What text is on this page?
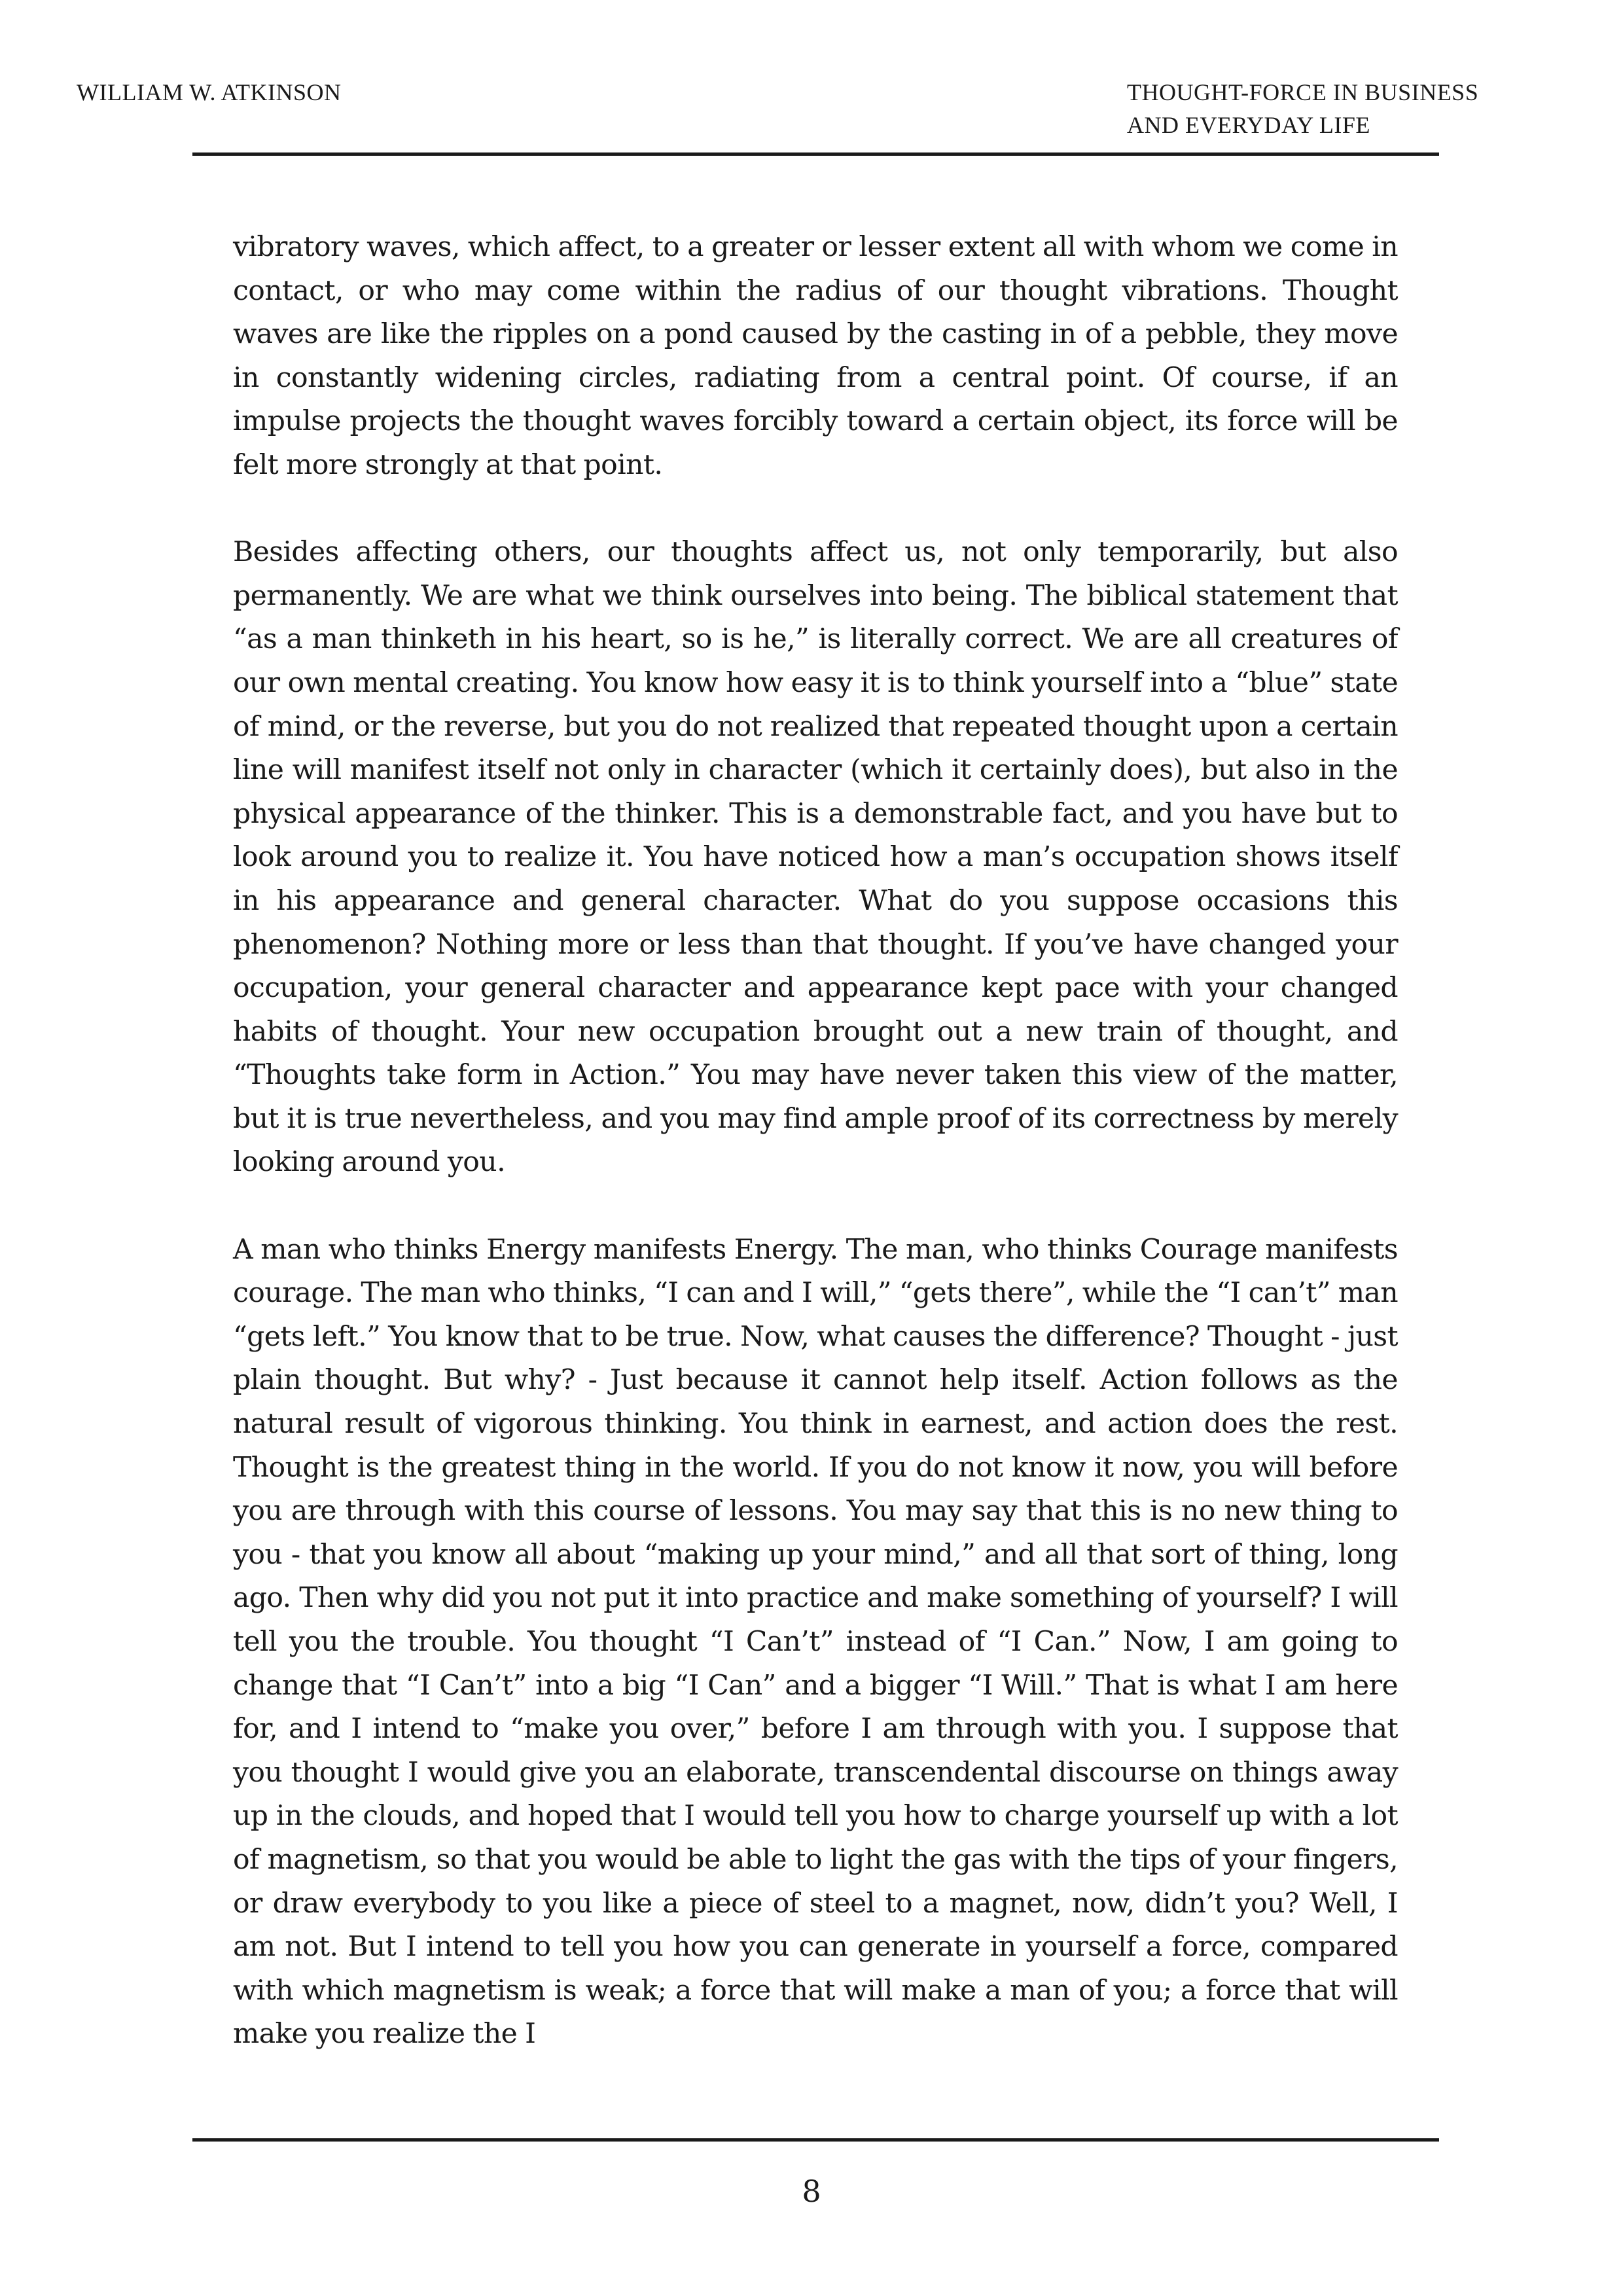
WILLIAM W. ATKINSON	THOUGHT-FORCE IN BUSINESS
AND EVERYDAY LIFE

vibratory waves, which affect, to a greater or lesser extent all with whom we come in contact, or who may come within the radius of our thought vibrations. Thought waves are like the ripples on a pond caused by the casting in of a pebble, they move in constantly widening circles, radiating from a central point. Of course, if an impulse projects the thought waves forcibly toward a certain object, its force will be felt more strongly at that point.

Besides affecting others, our thoughts affect us, not only temporarily, but also permanently. We are what we think ourselves into being. The biblical statement that “as a man thinketh in his heart, so is he,” is literally correct. We are all creatures of our own mental creating. You know how easy it is to think yourself into a “blue” state of mind, or the reverse, but you do not realized that repeated thought upon a certain line will manifest itself not only in character (which it certainly does), but also in the physical appearance of the thinker. This is a demonstrable fact, and you have but to look around you to realize it. You have noticed how a man’s occupation shows itself in his appearance and general character. What do you suppose occasions this phenomenon? Nothing more or less than that thought. If you’ve have changed your occupation, your general character and appearance kept pace with your changed habits of thought. Your new occupation brought out a new train of thought, and “Thoughts take form in Action.” You may have never taken this view of the matter, but it is true nevertheless, and you may find ample proof of its correctness by merely looking around you.

A man who thinks Energy manifests Energy. The man, who thinks Courage manifests courage. The man who thinks, “I can and I will,” “gets there”, while the “I can’t” man “gets left.” You know that to be true. Now, what causes the difference? Thought - just plain thought. But why? - Just because it cannot help itself. Action follows as the natural result of vigorous thinking. You think in earnest, and action does the rest. Thought is the greatest thing in the world. If you do not know it now, you will before you are through with this course of lessons. You may say that this is no new thing to you - that you know all about “making up your mind,” and all that sort of thing, long ago. Then why did you not put it into practice and make something of yourself? I will tell you the trouble. You thought “I Can’t” instead of “I Can.” Now, I am going to change that “I Can’t” into a big “I Can” and a bigger “I Will.” That is what I am here for, and I intend to “make you over,” before I am through with you. I suppose that you thought I would give you an elaborate, transcendental discourse on things away up in the clouds, and hoped that I would tell you how to charge yourself up with a lot of magnetism, so that you would be able to light the gas with the tips of your fingers, or draw everybody to you like a piece of steel to a magnet, now, didn’t you? Well, I am not. But I intend to tell you how you can generate in yourself a force, compared with which magnetism is weak; a force that will make a man of you; a force that will make you realize the I

8
